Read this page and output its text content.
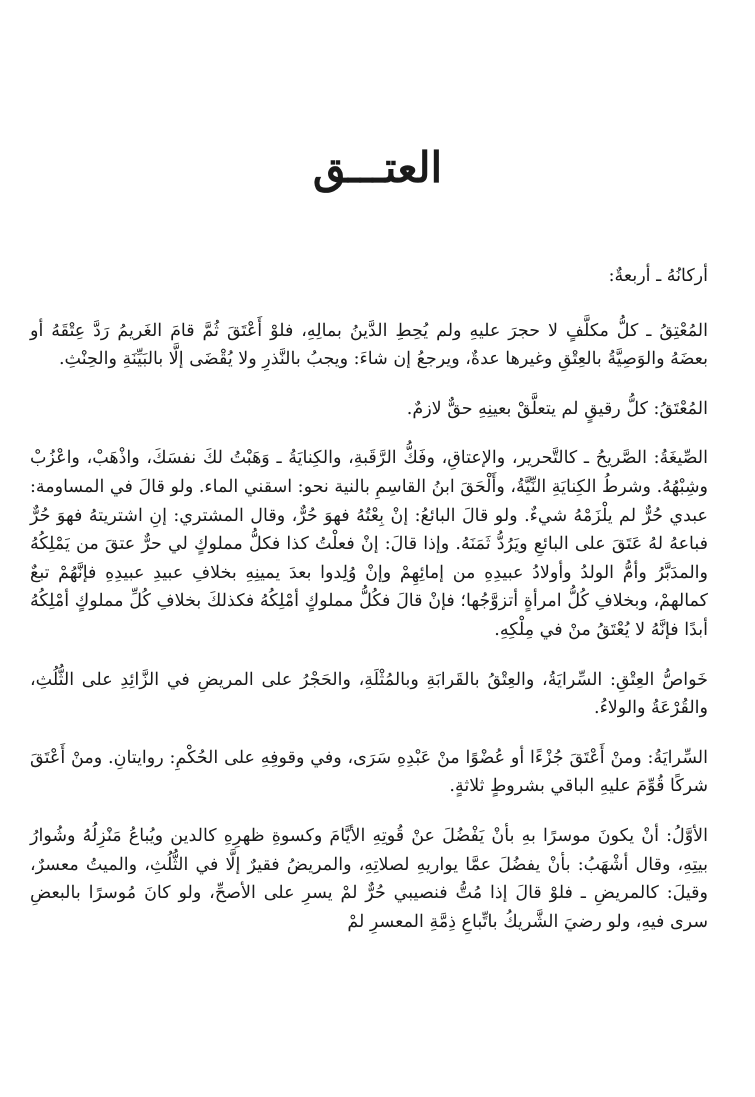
العتـــق

أركانُهُ ـ أربعةٌ:

المُعْتِقُ ـ كلُّ مكلَّفٍ لا حجرَ عليهِ ولم يُحِطِ الدَّينُ بمالِهِ، فلوْ أَعْتَقَ ثُمَّ قامَ الغَريمُ رَدَّ عِتْقَهُ أو بعضَهُ والوَصِيَّةُ بالعِتْقِ وغيرها عدةٌ، ويرجعُ إن شاءَ: ويجبُ بالنَّذرِ ولا يُقْضَى إلَّا بالبَيِّنَةِ والحِنْثِ.

المُعْتَقُ: كلُّ رقيقٍ لم يتعلَّقْ بعينِهِ حقٌّ لازمٌ.

الصِّيغَةُ: الصَّريحُ ـ كالتَّحرير، والإعتاقِ، وفَكُّ الرَّقَبةِ، والكِنايَةُ ـ وَهَبْتُ لكَ نفسَكَ، واذْهَبْ، واعْزُبْ وشِبْهُهُ. وشرطُ الكِنايَةِ النِّيَّةُ، وأَلْحَقَ ابنُ القاسِمِ بالنية نحو: اسقني الماء. ولو قالَ في المساومة: عبدي حُرٌّ لم يلْزَمْهُ شيءٌ. ولو قالَ البائعُ: إنْ بِعْتُهُ فهوَ حُرٌّ، وقال المشتري: إنِ اشتريتهُ فهوَ حُرٌّ فباعهُ لهُ عَتَقَ على البائعِ ويَرُدُّ ثَمَنَهُ. وإذا قالَ: إنْ فعلْتُ كذا فكلُّ مملوكٍ لي حرٌّ عتقَ من يَمْلِكُهُ والمدَبَّرُ وأمُّ الولدُ وأولادُ عبيدِهِ من إمائِهِمْ وإنْ وُلِدوا بعدَ يمينِهِ بخلافِ عبيدِ عبيدِهِ فإنَّهُمْ تبعٌ كمالهمْ، وبخلافِ كُلُّ امرأةٍ أتزوَّجُها؛ فإنْ قالَ فكُلُّ مملوكٍ أمْلِكُهُ فكذلكَ بخلافِ كُلِّ مملوكٍ أمْلِكُهُ أبدًا فإنَّهُ لا يُعْتَقُ منْ في مِلْكِهِ.

خَواصُّ العِتْقِ: السِّرايَةُ، والعِتْقُ بالقَرابَةِ وبالمُثْلَةِ، والحَجْرُ على المريضِ في الزَّائِدِ على الثُّلُثِ، والقُرْعَةُ والولاءُ.

السِّرايَةُ: ومنْ أَعْتَقَ جُزْءًا أو عُضْوًا منْ عَبْدِهِ سَرَى، وفي وقوفِهِ على الحُكْمِ: روايتانِ. ومنْ أَعْتَقَ شركًا قُوِّمَ عليهِ الباقي بشروطٍ ثلاثةٍ.

الأوَّلُ: أنْ يكونَ موسرًا بهِ بأنْ يَفْضُلَ عنْ قُوتِهِ الأيَّامَ وكسوةِ ظهرِهِ كالدين ويُباعُ مَنْزِلُهُ وشُوارُ بيتِهِ، وقال أشْهَبُ: بأنْ يفضُلَ عمَّا يواريهِ لصلاتِهِ، والمريضُ فقيرٌ إلَّا في الثُّلُثِ، والميتُ معسرٌ، وقيلَ: كالمريضِ ـ فلوْ قالَ إذا مُتُّ فنصيبي حُرٌّ لمْ يسرِ على الأصحِّ، ولو كانَ مُوسرًا بالبعضِ سرى فيهِ، ولو رضيَ الشَّريكُ باتِّباعِ ذِمَّةِ المعسرِ لمْ
